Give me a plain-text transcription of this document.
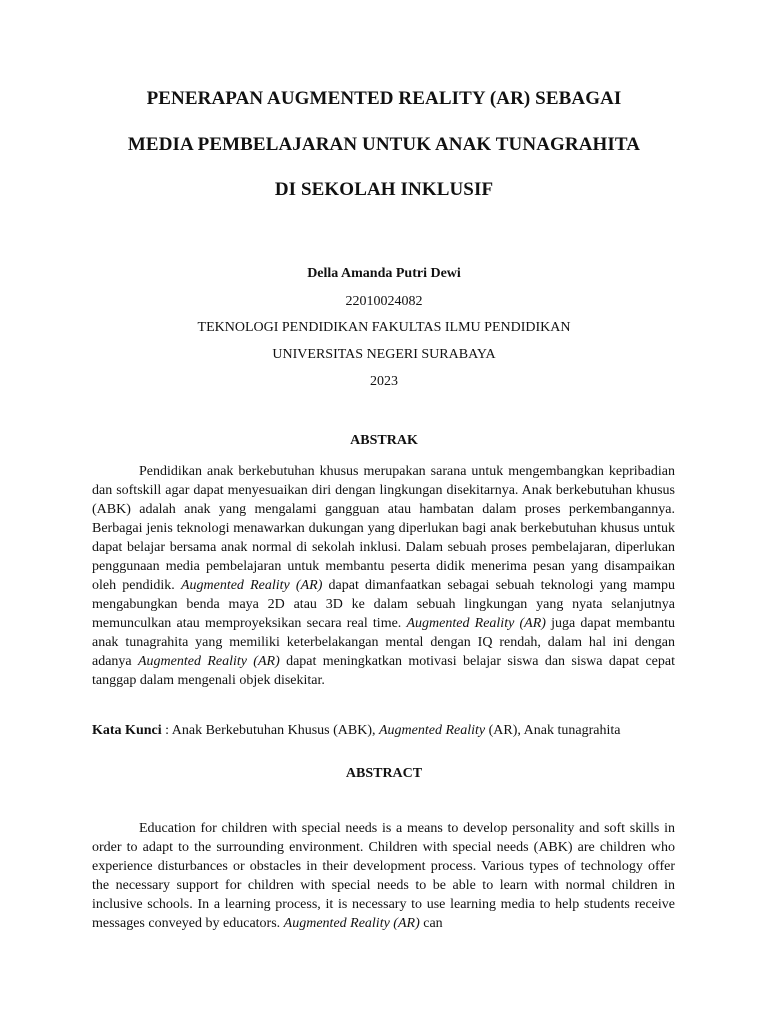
PENERAPAN AUGMENTED REALITY (AR) SEBAGAI
MEDIA PEMBELAJARAN UNTUK ANAK TUNAGRAHITA
DI SEKOLAH INKLUSIF

Della Amanda Putri Dewi

22010024082

TEKNOLOGI PENDIDIKAN FAKULTAS ILMU PENDIDIKAN

UNIVERSITAS NEGERI SURABAYA

2023

ABSTRAK

Pendidikan anak berkebutuhan khusus merupakan sarana untuk mengembangkan kepribadian dan softskill agar dapat menyesuaikan diri dengan lingkungan disekitarnya. Anak berkebutuhan khusus (ABK) adalah anak yang mengalami gangguan atau hambatan dalam proses perkembangannya. Berbagai jenis teknologi menawarkan dukungan yang diperlukan bagi anak berkebutuhan khusus untuk dapat belajar bersama anak normal di sekolah inklusi. Dalam sebuah proses pembelajaran, diperlukan penggunaan media pembelajaran untuk membantu peserta didik menerima pesan yang disampaikan oleh pendidik. Augmented Reality (AR) dapat dimanfaatkan sebagai sebuah teknologi yang mampu mengabungkan benda maya 2D atau 3D ke dalam sebuah lingkungan yang nyata selanjutnya memunculkan atau memproyeksikan secara real time. Augmented Reality (AR) juga dapat membantu anak tunagrahita yang memiliki keterbelakangan mental dengan IQ rendah, dalam hal ini dengan adanya Augmented Reality (AR) dapat meningkatkan motivasi belajar siswa dan siswa dapat cepat tanggap dalam mengenali objek disekitar.

Kata Kunci : Anak Berkebutuhan Khusus (ABK), Augmented Reality (AR), Anak tunagrahita

ABSTRACT

Education for children with special needs is a means to develop personality and soft skills in order to adapt to the surrounding environment. Children with special needs (ABK) are children who experience disturbances or obstacles in their development process. Various types of technology offer the necessary support for children with special needs to be able to learn with normal children in inclusive schools. In a learning process, it is necessary to use learning media to help students receive messages conveyed by educators. Augmented Reality (AR) can
